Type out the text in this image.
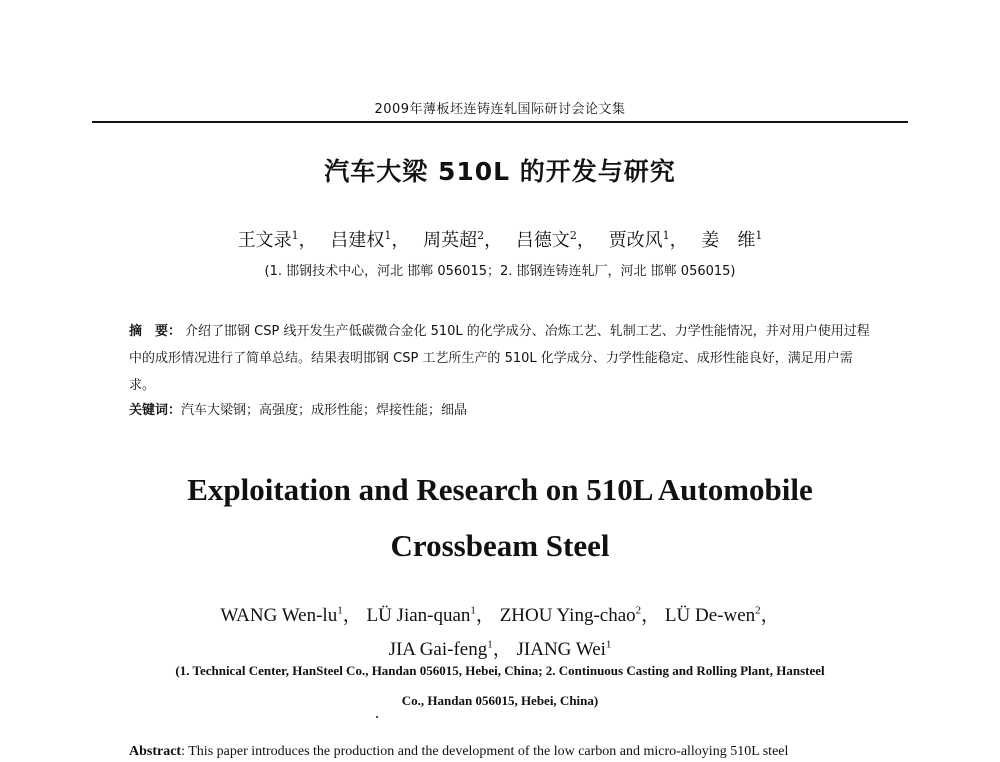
2009年薄板坯连铸连轧国际研讨会论文集
汽车大梁 510L 的开发与研究
王文录$^1$， 吕建权$^1$， 周英超$^2$， 吕德文$^2$， 贾改风$^1$， 姜　维$^1$
(1. 邯钢技术中心，河北 邯郸 056015；2. 邯钢连铸连轧厂，河北 邯郸 056015)
摘　要： 介绍了邯钢 CSP 线开发生产低碳微合金化 510L 的化学成分、冶炼工艺、轧制工艺、力学性能情况，并对用户使用过程中的成形情况进行了简单总结。结果表明邯钢 CSP 工艺所生产的 510L 化学成分、力学性能稳定、成形性能良好，满足用户需求。
关键词：汽车大梁钢；高强度；成形性能；焊接性能；细晶
Exploitation and Research on 510L Automobile
Crossbeam Steel
WANG Wen-$lu^1$， LÜ Jian-quan$^1$， ZHOU Ying-chao$^2$， LÜ De-wen$^2$，
JIA Gai-feng$^1$， JIANG Wei$^1$
(1. Technical Center, HanSteel Co., Handan 056015, Hebei, China; 2. Continuous Casting and Rolling Plant, Hansteel
Co., Handan 056015, Hebei, China)
Abstract: This paper introduces the production and the development of the low carbon and micro-alloying 510L steel
